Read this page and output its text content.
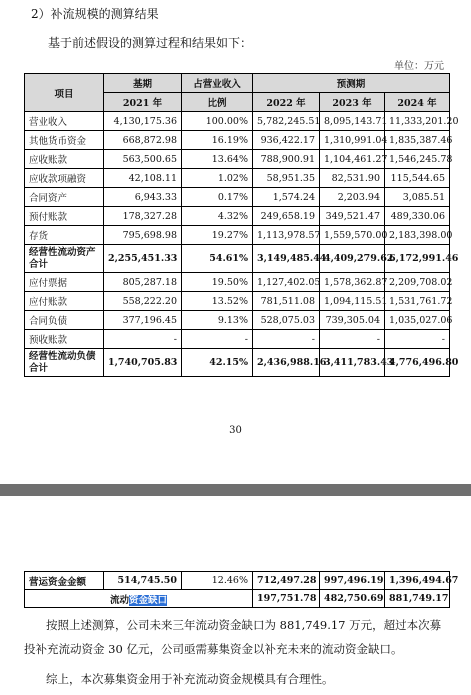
2）补流规模的测算结果
基于前述假设的测算过程和结果如下：
单位：万元
项目	基期	占营业收入	预测期		
	2021 年	比例	2022 年	2023 年	2024 年
营业收入	4,130,175.36	100.00%	5,782,245.51	8,095,143.71	11,333,201.20
其他货币资金	668,872.98	16.19%	936,422.17	1,310,991.04	1,835,387.46
应收账款	563,500.65	13.64%	788,900.91	1,104,461.27	1,546,245.78
应收款项融资	42,108.11	1.02%	58,951.35	82,531.90	115,544.65
合同资产	6,943.33	0.17%	1,574.24	2,203.94	3,085.51
预付账款	178,327.28	4.32%	249,658.19	349,521.47	489,330.06
存货	795,698.98	19.27%	1,113,978.57	1,559,570.00	2,183,398.00
经营性流动资产合计	2,255,451.33	54.61%	3,149,485.44	4,409,279.62	6,172,991.46
应付票据	805,287.18	19.50%	1,127,402.05	1,578,362.87	2,209,708.02
应付账款	558,222.20	13.52%	781,511.08	1,094,115.51	1,531,761.72
合同负债	377,196.45	9.13%	528,075.03	739,305.04	1,035,027.06
预收账款	-	-	-	-	-
经营性流动负债合计	1,740,705.83	42.15%	2,436,988.16	3,411,783.43	4,776,496.80
30
营运资金金额	514,745.50	12.46%	712,497.28	997,496.19	1,396,494.67
流动资金缺口			197,751.78	482,750.69	881,749.17
按照上述测算，公司未来三年流动资金缺口为 881,749.17 万元，超过本次募
投补充流动资金 30 亿元，公司亟需募集资金以补充未来的流动资金缺口。
综上，本次募集资金用于补充流动资金规模具有合理性。
